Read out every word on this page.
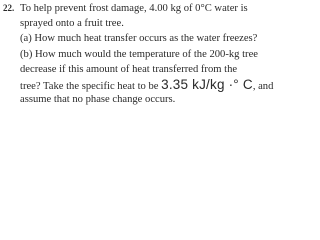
22. To help prevent frost damage, 4.00 kg of 0°C water is
sprayed onto a fruit tree.
(a) How much heat transfer occurs as the water freezes?
(b) How much would the temperature of the 200-kg tree
decrease if this amount of heat transferred from the
tree? Take the specific heat to be 3.35 kJ/kg ·° C, and
assume that no phase change occurs.
